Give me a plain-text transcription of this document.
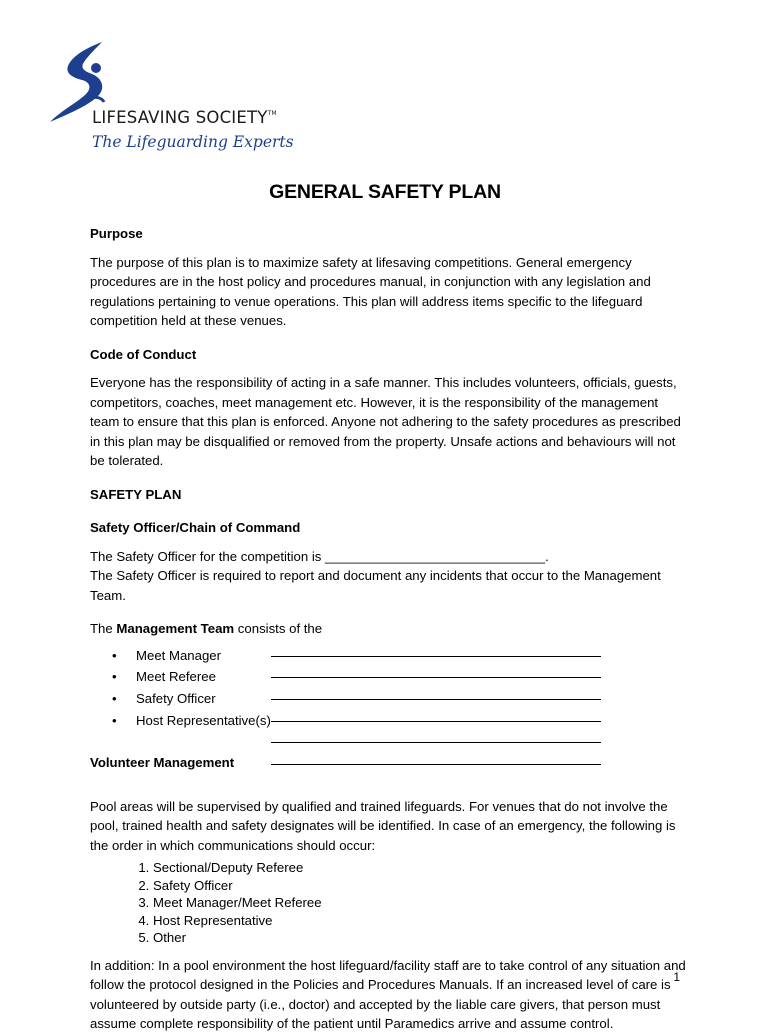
LIFESAVING SOCIETY™
The Lifeguarding Experts
GENERAL SAFETY PLAN

Purpose

The purpose of this plan is to maximize safety at lifesaving competitions. General emergency procedures are in the host policy and procedures manual, in conjunction with any legislation and regulations pertaining to venue operations. This plan will address items specific to the lifeguard competition held at these venues.

Code of Conduct

Everyone has the responsibility of acting in a safe manner. This includes volunteers, officials, guests, competitors, coaches, meet management etc. However, it is the responsibility of the management team to ensure that this plan is enforced. Anyone not adhering to the safety procedures as prescribed in this plan may be disqualified or removed from the property. Unsafe actions and behaviours will not be tolerated.

SAFETY PLAN

Safety Officer/Chain of Command

The Safety Officer for the competition is ______________________________.

The Safety Officer is required to report and document any incidents that occur to the Management Team.

The Management Team consists of the

•	Meet Manager
•	Meet Referee
•	Safety Officer
•	Host Representative(s)
Volunteer Management

Pool areas will be supervised by qualified and trained lifeguards. For venues that do not involve the pool, trained health and safety designates will be identified. In case of an emergency, the following is the order in which communications should occur:

1. Sectional/Deputy Referee
2. Safety Officer
3. Meet Manager/Meet Referee
4. Host Representative
5. Other

In addition: In a pool environment the host lifeguard/facility staff are to take control of any situation and follow the protocol designed in the Policies and Procedures Manuals. If an increased level of care is volunteered by outside party (i.e., doctor) and accepted by the liable care givers, that person must assume complete responsibility of the patient until Paramedics arrive and assume control.

1
